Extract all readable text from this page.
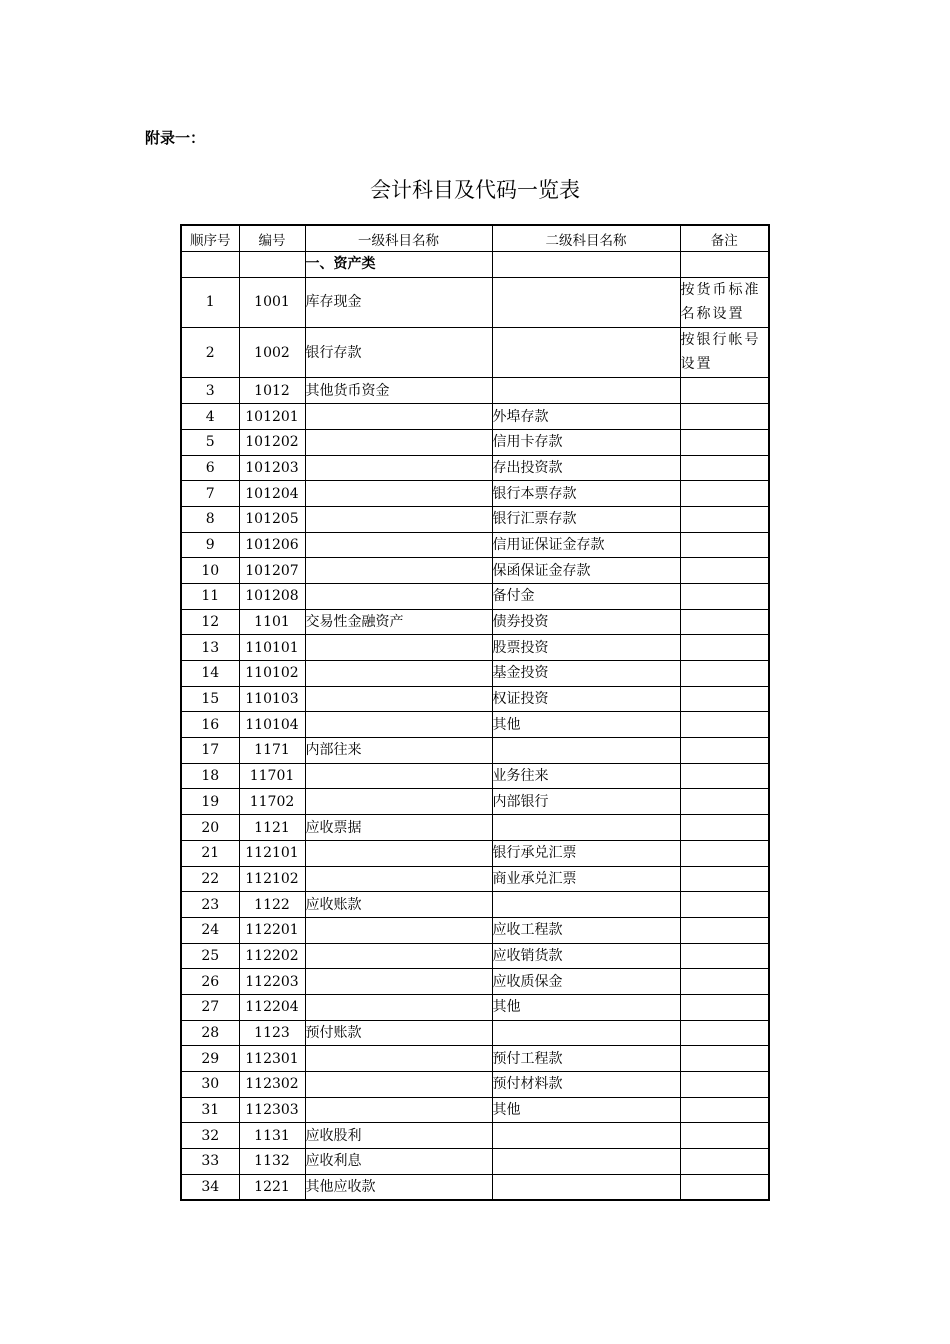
附录一：
会计科目及代码一览表
顺序号	编号	一级科目名称	二级科目名称	备注
		一、资产类		
1	1001	库存现金		按货币标准名称设置
2	1002	银行存款		按银行帐号设置
3	1012	其他货币资金		
4	101201		外埠存款	
5	101202		信用卡存款	
6	101203		存出投资款	
7	101204		银行本票存款	
8	101205		银行汇票存款	
9	101206		信用证保证金存款	
10	101207		保函保证金存款	
11	101208		备付金	
12	1101	交易性金融资产	债券投资	
13	110101		股票投资	
14	110102		基金投资	
15	110103		权证投资	
16	110104		其他	
17	1171	内部往来		
18	11701		业务往来	
19	11702		内部银行	
20	1121	应收票据		
21	112101		银行承兑汇票	
22	112102		商业承兑汇票	
23	1122	应收账款		
24	112201		应收工程款	
25	112202		应收销货款	
26	112203		应收质保金	
27	112204		其他	
28	1123	预付账款		
29	112301		预付工程款	
30	112302		预付材料款	
31	112303		其他	
32	1131	应收股利		
33	1132	应收利息		
34	1221	其他应收款		
